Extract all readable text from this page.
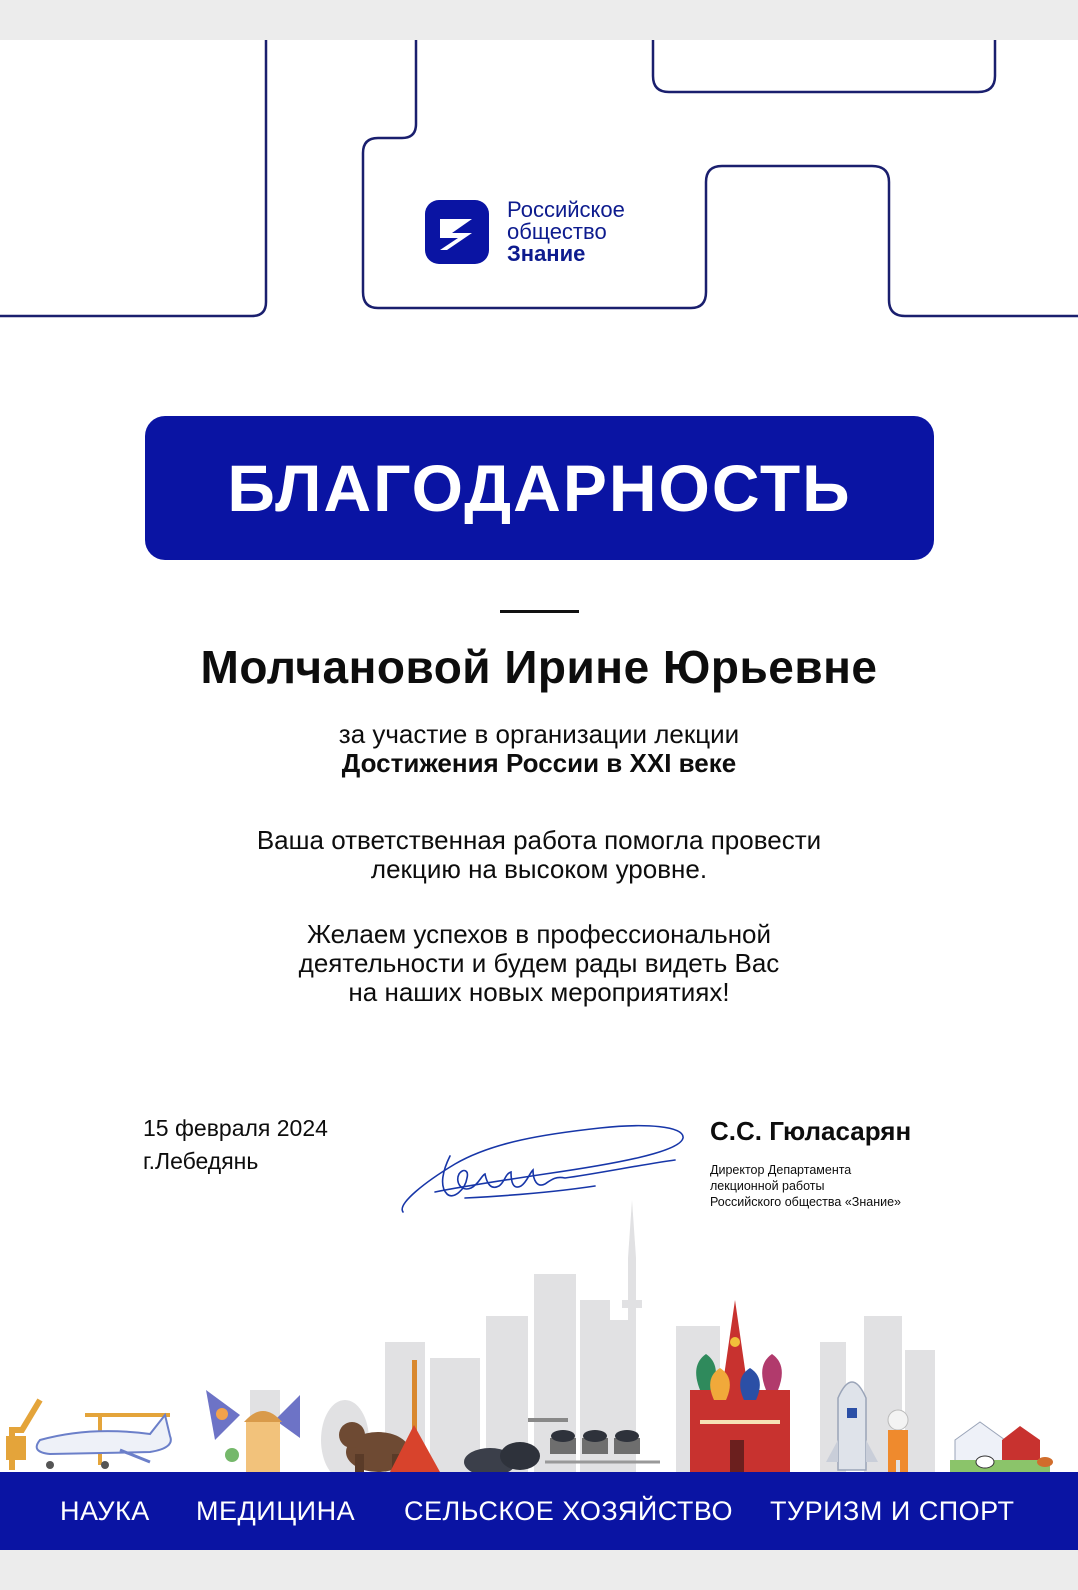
Российское
общество
Знание
БЛАГОДАРНОСТЬ
Молчановой Ирине Юрьевне
за участие в организации лекции
Достижения России в XXI веке
Ваша ответственная работа помогла провести
лекцию на высоком уровне.
Желаем успехов в профессиональной
деятельности и будем рады видеть Вас
на наших новых мероприятиях!
15 февраля 2024
г.Лебедянь
С.С. Гюласарян
Директор Департамента
лекционной работы
Российского общества «Знание»
НАУКА МЕДИЦИНА СЕЛЬСКОЕ ХОЗЯЙСТВО ТУРИЗМ И СПОРТ
